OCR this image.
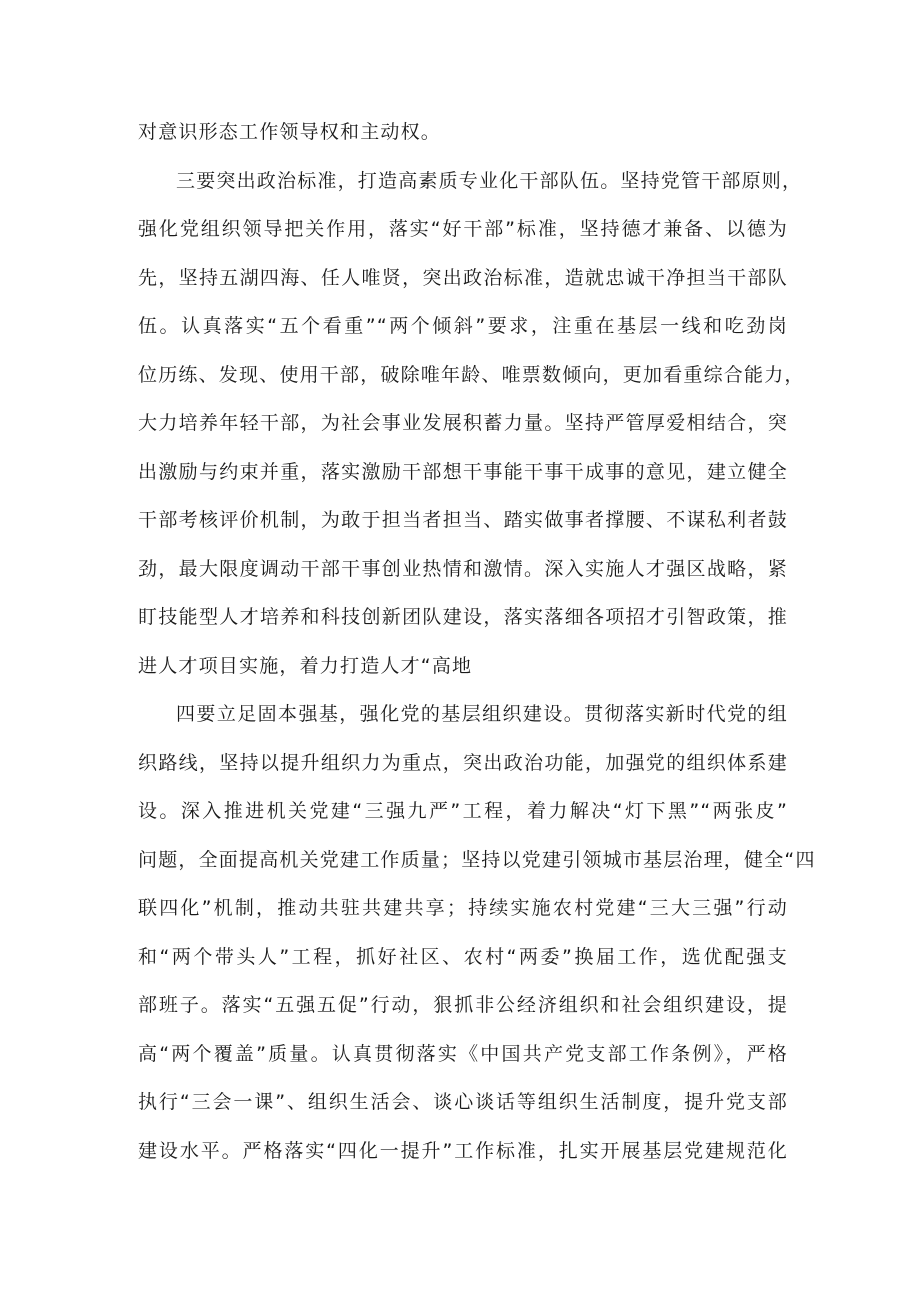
对意识形态工作领导权和主动权。
三要突出政治标准，打造高素质专业化干部队伍。坚持党管干部原则，
强化党组织领导把关作用，落实“好干部”标准，坚持德才兼备、以德为
先，坚持五湖四海、任人唯贤，突出政治标准，造就忠诚干净担当干部队
伍。认真落实“五个看重”“两个倾斜”要求，注重在基层一线和吃劲岗
位历练、发现、使用干部，破除唯年龄、唯票数倾向，更加看重综合能力，
大力培养年轻干部，为社会事业发展积蓄力量。坚持严管厚爱相结合，突
出激励与约束并重，落实激励干部想干事能干事干成事的意见，建立健全
干部考核评价机制，为敢于担当者担当、踏实做事者撑腰、不谋私利者鼓
劲，最大限度调动干部干事创业热情和激情。深入实施人才强区战略，紧
盯技能型人才培养和科技创新团队建设，落实落细各项招才引智政策，推
进人才项目实施，着力打造人才“高地
四要立足固本强基，强化党的基层组织建设。贯彻落实新时代党的组
织路线，坚持以提升组织力为重点，突出政治功能，加强党的组织体系建
设。深入推进机关党建“三强九严”工程，着力解决“灯下黑”“两张皮”
问题，全面提高机关党建工作质量；坚持以党建引领城市基层治理，健全“四
联四化”机制，推动共驻共建共享；持续实施农村党建“三大三强”行动
和“两个带头人”工程，抓好社区、农村“两委”换届工作，选优配强支
部班子。落实“五强五促”行动，狠抓非公经济组织和社会组织建设，提
高“两个覆盖”质量。认真贯彻落实《中国共产党支部工作条例》，严格
执行“三会一课”、组织生活会、谈心谈话等组织生活制度，提升党支部
建设水平。严格落实“四化一提升”工作标准，扎实开展基层党建规范化
